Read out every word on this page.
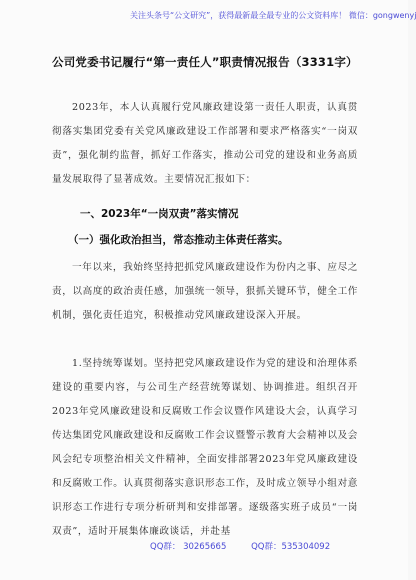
关注头条号“公文研究”，获得最新最全最专业的公文资料库！ 微信：gongwenyj
公司党委书记履行“第一责任人”职责情况报告（3331字）
2023年，本人认真履行党风廉政建设第一责任人职责，认真贯彻落实集团党委有关党风廉政建设工作部署和要求严格落实“一岗双责”，强化制约监督，抓好工作落实，推动公司党的建设和业务高质量发展取得了显著成效。主要情况汇报如下：
一、2023年“一岗双责”落实情况
（一）强化政治担当，常态推动主体责任落实。
一年以来，我始终坚持把抓党风廉政建设作为份内之事、应尽之责，以高度的政治责任感，加强统一领导，狠抓关键环节，健全工作机制，强化责任追究，积极推动党风廉政建设深入开展。
1.坚持统筹谋划。坚持把党风廉政建设作为党的建设和治理体系建设的重要内容，与公司生产经营统筹谋划、协调推进。组织召开2023年党风廉政建设和反腐败工作会议暨作风建设大会，认真学习传达集团党风廉政建设和反腐败工作会议暨警示教育大会精神以及会风会纪专项整治相关文件精神，全面安排部署2023年党风廉政建设和反腐败工作。认真贯彻落实意识形态工作，及时成立领导小组对意识形态工作进行专项分析研判和安排部署。逐级落实班子成员“一岗双责”，适时开展集体廉政谈话，并赴基
QQ群： 30265665	QQ群：535304092
